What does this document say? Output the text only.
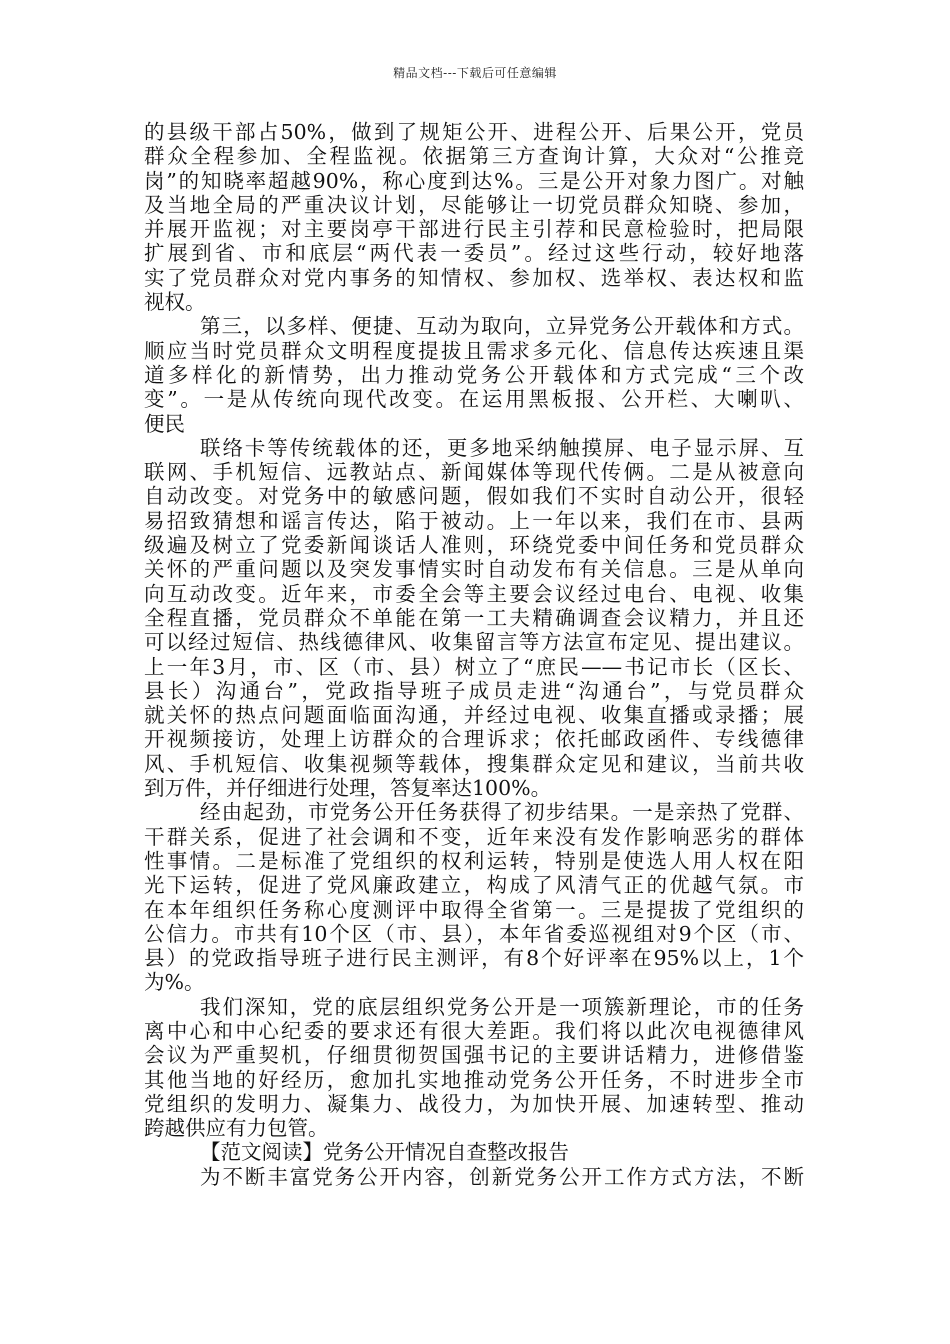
精品文档---下载后可任意编辑
的县级干部占50%，做到了规矩公开、进程公开、后果公开，党员
群众全程参加、全程监视。依据第三方查询计算，大众对“公推竞
岗”的知晓率超越90%，称心度到达%。三是公开对象力图广。对触
及当地全局的严重决议计划，尽能够让一切党员群众知晓、参加，
并展开监视；对主要岗亭干部进行民主引荐和民意检验时，把局限
扩展到省、市和底层“两代表一委员”。经过这些行动，较好地落
实了党员群众对党内事务的知情权、参加权、选举权、表达权和监
视权。
第三，以多样、便捷、互动为取向，立异党务公开载体和方式。
顺应当时党员群众文明程度提拔且需求多元化、信息传达疾速且渠
道多样化的新情势，出力推动党务公开载体和方式完成“三个改
变”。一是从传统向现代改变。在运用黑板报、公开栏、大喇叭、
便民
联络卡等传统载体的还，更多地采纳触摸屏、电子显示屏、互
联网、手机短信、远教站点、新闻媒体等现代传俩。二是从被意向
自动改变。对党务中的敏感问题，假如我们不实时自动公开，很轻
易招致猜想和谣言传达，陷于被动。上一年以来，我们在市、县两
级遍及树立了党委新闻谈话人准则，环绕党委中间任务和党员群众
关怀的严重问题以及突发事情实时自动发布有关信息。三是从单向
向互动改变。近年来，市委全会等主要会议经过电台、电视、收集
全程直播，党员群众不单能在第一工夫精确调查会议精力，并且还
可以经过短信、热线德律风、收集留言等方法宣布定见、提出建议。
上一年3月，市、区（市、县）树立了“庶民——书记市长（区长、
县长）沟通台”，党政指导班子成员走进“沟通台”，与党员群众
就关怀的热点问题面临面沟通，并经过电视、收集直播或录播；展
开视频接访，处理上访群众的合理诉求；依托邮政函件、专线德律
风、手机短信、收集视频等载体，搜集群众定见和建议，当前共收
到万件，并仔细进行处理，答复率达100%。
经由起劲，市党务公开任务获得了初步结果。一是亲热了党群、
干群关系，促进了社会调和不变，近年来没有发作影响恶劣的群体
性事情。二是标准了党组织的权利运转，特别是使选人用人权在阳
光下运转，促进了党风廉政建立，构成了风清气正的优越气氛。市
在本年组织任务称心度测评中取得全省第一。三是提拔了党组织的
公信力。市共有10个区（市、县），本年省委巡视组对9个区（市、
县）的党政指导班子进行民主测评，有8个好评率在95%以上，1个
为%。
我们深知，党的底层组织党务公开是一项簇新理论，市的任务
离中心和中心纪委的要求还有很大差距。我们将以此次电视德律风
会议为严重契机，仔细贯彻贺国强书记的主要讲话精力，进修借鉴
其他当地的好经历，愈加扎实地推动党务公开任务，不时进步全市
党组织的发明力、凝集力、战役力，为加快开展、加速转型、推动
跨越供应有力包管。
【范文阅读】党务公开情况自查整改报告
为不断丰富党务公开内容，创新党务公开工作方式方法，不断
